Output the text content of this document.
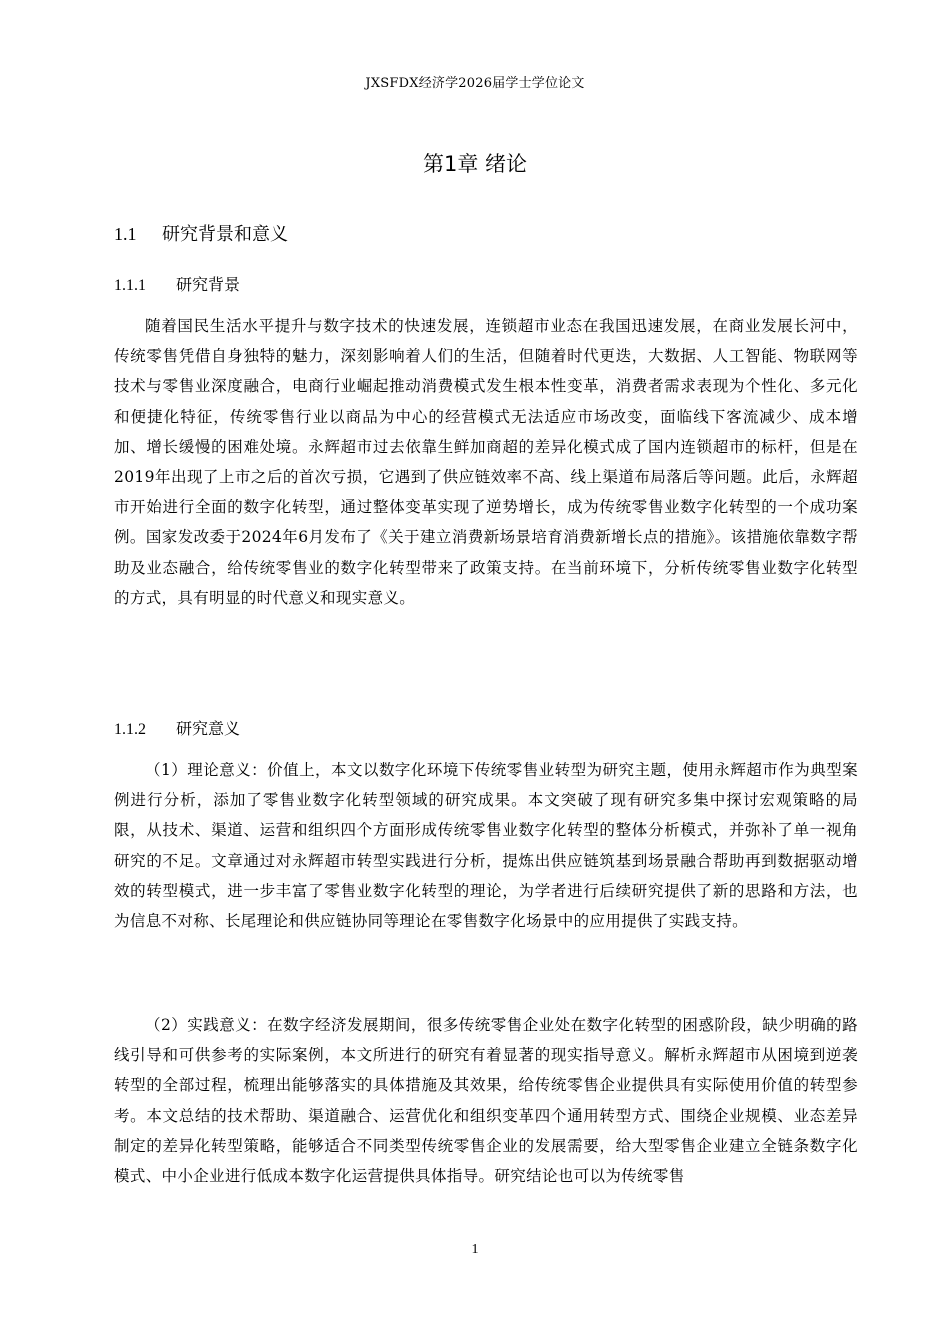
JXSFDX经济学2026届学士学位论文
第1章 绪论
1.1 研究背景和意义
1.1.1 研究背景

随着国民生活水平提升与数字技术的快速发展，连锁超市业态在我国迅速发展，在商业发展长河中，传统零售凭借自身独特的魅力，深刻影响着人们的生活，但随着时代更迭，大数据、人工智能、物联网等技术与零售业深度融合，电商行业崛起推动消费模式发生根本性变革，消费者需求表现为个性化、多元化和便捷化特征，传统零售行业以商品为中心的经营模式无法适应市场改变，面临线下客流减少、成本增加、增长缓慢的困难处境。永辉超市过去依靠生鲜加商超的差异化模式成了国内连锁超市的标杆，但是在2019年出现了上市之后的首次亏损，它遇到了供应链效率不高、线上渠道布局落后等问题。此后，永辉超市开始进行全面的数字化转型，通过整体变革实现了逆势增长，成为传统零售业数字化转型的一个成功案例。国家发改委于2024年6月发布了《关于建立消费新场景培育消费新增长点的措施》。该措施依靠数字帮助及业态融合，给传统零售业的数字化转型带来了政策支持。在当前环境下，分析传统零售业数字化转型的方式，具有明显的时代意义和现实意义。

1.1.2 研究意义

（1）理论意义：价值上，本文以数字化环境下传统零售业转型为研究主题，使用永辉超市作为典型案例进行分析，添加了零售业数字化转型领域的研究成果。本文突破了现有研究多集中探讨宏观策略的局限，从技术、渠道、运营和组织四个方面形成传统零售业数字化转型的整体分析模式，并弥补了单一视角研究的不足。文章通过对永辉超市转型实践进行分析，提炼出供应链筑基到场景融合帮助再到数据驱动增效的转型模式，进一步丰富了零售业数字化转型的理论，为学者进行后续研究提供了新的思路和方法，也为信息不对称、长尾理论和供应链协同等理论在零售数字化场景中的应用提供了实践支持。

（2）实践意义：在数字经济发展期间，很多传统零售企业处在数字化转型的困惑阶段，缺少明确的路线引导和可供参考的实际案例，本文所进行的研究有着显著的现实指导意义。解析永辉超市从困境到逆袭转型的全部过程，梳理出能够落实的具体措施及其效果，给传统零售企业提供具有实际使用价值的转型参考。本文总结的技术帮助、渠道融合、运营优化和组织变革四个通用转型方式、围绕企业规模、业态差异制定的差异化转型策略，能够适合不同类型传统零售企业的发展需要，给大型零售企业建立全链条数字化模式、中小企业进行低成本数字化运营提供具体指导。研究结论也可以为传统零售

1
